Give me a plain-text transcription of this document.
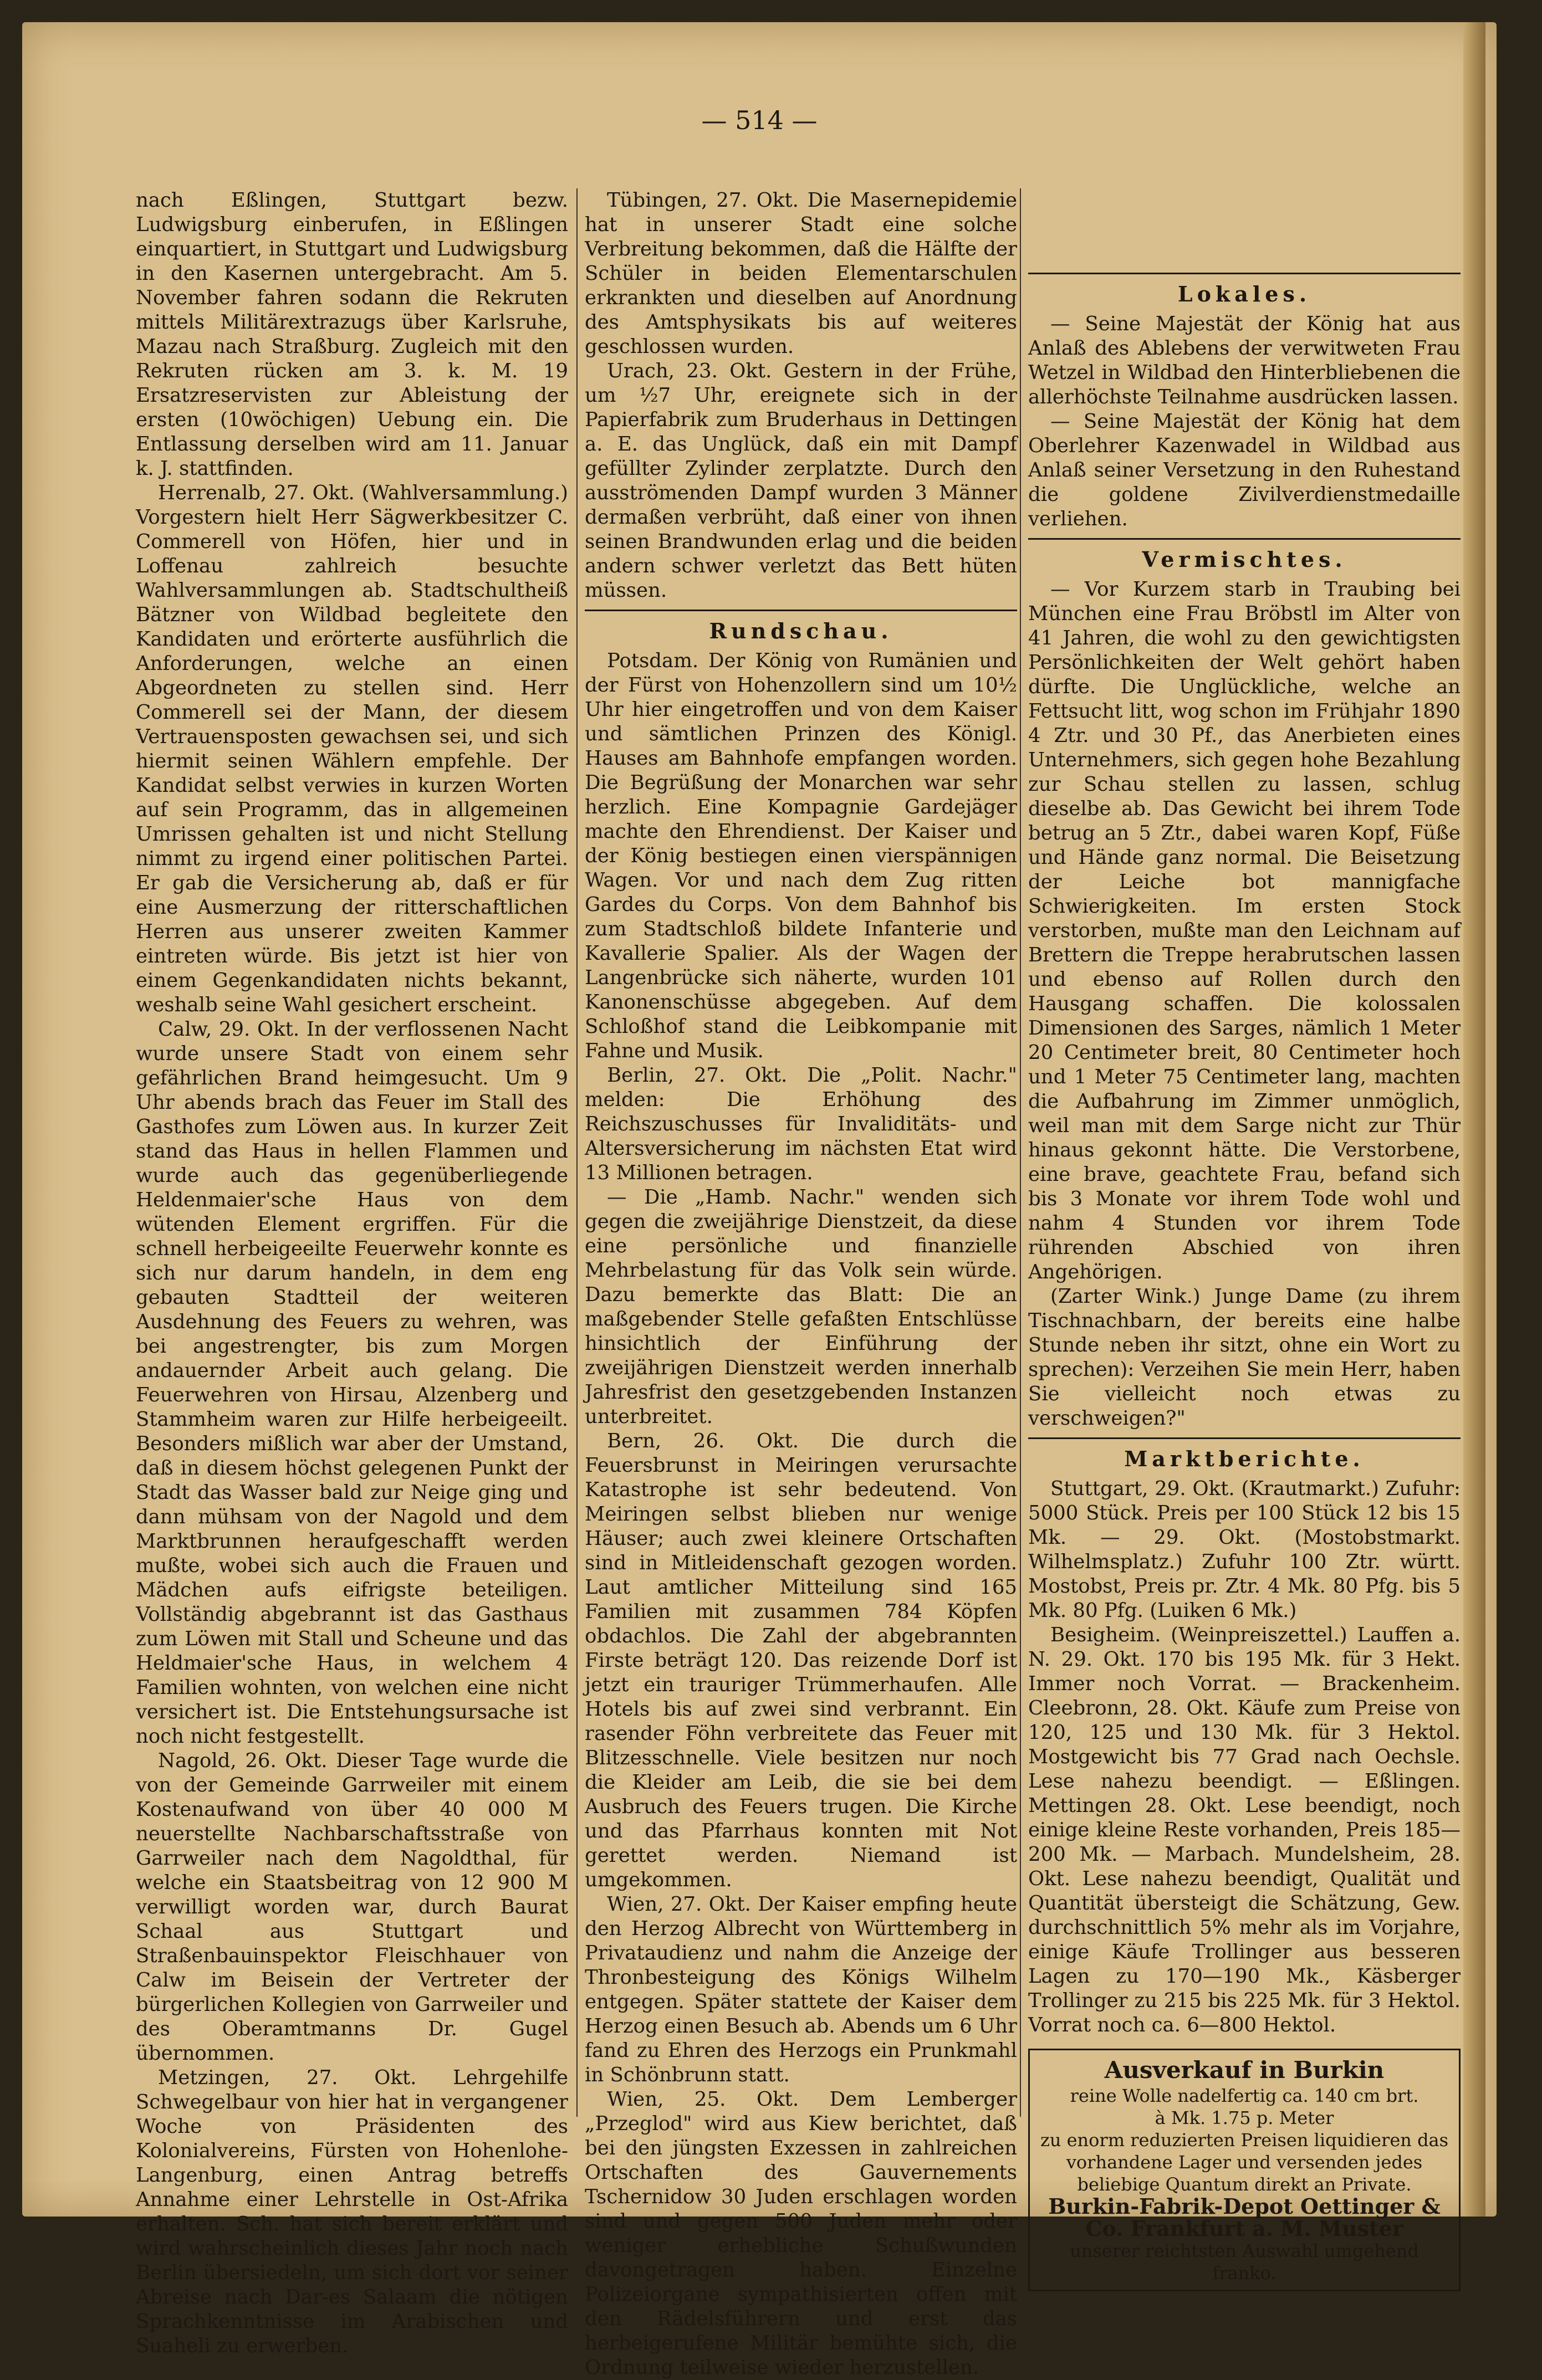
— 514 —

nach Eßlingen, Stuttgart bezw. Ludwigsburg einberufen, in Eßlingen einquartiert, in Stuttgart und Ludwigsburg in den Kasernen untergebracht. Am 5. November fahren sodann die Rekruten mittels Militärextrazugs über Karlsruhe, Mazau nach Straßburg. Zugleich mit den Rekruten rücken am 3. k. M. 19 Ersatzreservisten zur Ableistung der ersten (10wöchigen) Uebung ein. Die Entlassung derselben wird am 11. Januar k. J. stattfinden.

Herrenalb, 27. Okt. (Wahlversammlung.) Vorgestern hielt Herr Sägwerkbesitzer C. Commerell von Höfen, hier und in Loffenau zahlreich besuchte Wahlversammlungen ab. Stadtschultheiß Bätzner von Wildbad begleitete den Kandidaten und erörterte ausführlich die Anforderungen, welche an einen Abgeordneten zu stellen sind. Herr Commerell sei der Mann, der diesem Vertrauensposten gewachsen sei, und sich hiermit seinen Wählern empfehle. Der Kandidat selbst verwies in kurzen Worten auf sein Programm, das in allgemeinen Umrissen gehalten ist und nicht Stellung nimmt zu irgend einer politischen Partei. Er gab die Versicherung ab, daß er für eine Ausmerzung der ritterschaftlichen Herren aus unserer zweiten Kammer eintreten würde. Bis jetzt ist hier von einem Gegenkandidaten nichts bekannt, weshalb seine Wahl gesichert erscheint.

Calw, 29. Okt. In der verflossenen Nacht wurde unsere Stadt von einem sehr gefährlichen Brand heimgesucht. Um 9 Uhr abends brach das Feuer im Stall des Gasthofes zum Löwen aus. In kurzer Zeit stand das Haus in hellen Flammen und wurde auch das gegenüberliegende Heldenmaier'sche Haus von dem wütenden Element ergriffen. Für die schnell herbeigeeilte Feuerwehr konnte es sich nur darum handeln, in dem eng gebauten Stadtteil der weiteren Ausdehnung des Feuers zu wehren, was bei angestrengter, bis zum Morgen andauernder Arbeit auch gelang. Die Feuerwehren von Hirsau, Alzenberg und Stammheim waren zur Hilfe herbeigeeilt. Besonders mißlich war aber der Umstand, daß in diesem höchst gelegenen Punkt der Stadt das Wasser bald zur Neige ging und dann mühsam von der Nagold und dem Marktbrunnen heraufgeschafft werden mußte, wobei sich auch die Frauen und Mädchen aufs eifrigste beteiligen. Vollständig abgebrannt ist das Gasthaus zum Löwen mit Stall und Scheune und das Heldmaier'sche Haus, in welchem 4 Familien wohnten, von welchen eine nicht versichert ist. Die Entstehungsursache ist noch nicht festgestellt.

Nagold, 26. Okt. Dieser Tage wurde die von der Gemeinde Garrweiler mit einem Kostenaufwand von über 40 000 M neuerstellte Nachbarschaftsstraße von Garrweiler nach dem Nagoldthal, für welche ein Staatsbeitrag von 12 900 M verwilligt worden war, durch Baurat Schaal aus Stuttgart und Straßenbauinspektor Fleischhauer von Calw im Beisein der Vertreter der bürgerlichen Kollegien von Garrweiler und des Oberamtmanns Dr. Gugel übernommen.

Metzingen, 27. Okt. Lehrgehilfe Schwegelbaur von hier hat in vergangener Woche von Präsidenten des Kolonialvereins, Fürsten von Hohenlohe-Langenburg, einen Antrag betreffs Annahme einer Lehrstelle in Ost-Afrika erhalten. Sch. hat sich bereit erklärt und wird wahrscheinlich dieses Jahr noch nach Berlin übersiedeln, um sich dort vor seiner Abreise nach Dar-es Salaam die nötigen Sprachkenntnisse im Arabischen und Suaheli zu erwerben.

Tübingen, 27. Okt. Die Masernepidemie hat in unserer Stadt eine solche Verbreitung bekommen, daß die Hälfte der Schüler in beiden Elementarschulen erkrankten und dieselben auf Anordnung des Amtsphysikats bis auf weiteres geschlossen wurden.

Urach, 23. Okt. Gestern in der Frühe, um ½7 Uhr, ereignete sich in der Papierfabrik zum Bruderhaus in Dettingen a. E. das Unglück, daß ein mit Dampf gefüllter Zylinder zerplatzte. Durch den ausströmenden Dampf wurden 3 Männer dermaßen verbrüht, daß einer von ihnen seinen Brandwunden erlag und die beiden andern schwer verletzt das Bett hüten müssen.

Rundschau.

Potsdam. Der König von Rumänien und der Fürst von Hohenzollern sind um 10½ Uhr hier eingetroffen und von dem Kaiser und sämtlichen Prinzen des Königl. Hauses am Bahnhofe empfangen worden. Die Begrüßung der Monarchen war sehr herzlich. Eine Kompagnie Gardejäger machte den Ehrendienst. Der Kaiser und der König bestiegen einen vierspännigen Wagen. Vor und nach dem Zug ritten Gardes du Corps. Von dem Bahnhof bis zum Stadtschloß bildete Infanterie und Kavallerie Spalier. Als der Wagen der Langenbrücke sich näherte, wurden 101 Kanonenschüsse abgegeben. Auf dem Schloßhof stand die Leibkompanie mit Fahne und Musik.

Berlin, 27. Okt. Die „Polit. Nachr." melden: Die Erhöhung des Reichszuschusses für Invaliditäts- und Altersversicherung im nächsten Etat wird 13 Millionen betragen.

— Die „Hamb. Nachr." wenden sich gegen die zweijährige Dienstzeit, da diese eine persönliche und finanzielle Mehrbelastung für das Volk sein würde. Dazu bemerkte das Blatt: Die an maßgebender Stelle gefaßten Entschlüsse hinsichtlich der Einführung der zweijährigen Dienstzeit werden innerhalb Jahresfrist den gesetzgebenden Instanzen unterbreitet.

Bern, 26. Okt. Die durch die Feuersbrunst in Meiringen verursachte Katastrophe ist sehr bedeutend. Von Meiringen selbst blieben nur wenige Häuser; auch zwei kleinere Ortschaften sind in Mitleidenschaft gezogen worden. Laut amtlicher Mitteilung sind 165 Familien mit zusammen 784 Köpfen obdachlos. Die Zahl der abgebrannten Firste beträgt 120. Das reizende Dorf ist jetzt ein trauriger Trümmerhaufen. Alle Hotels bis auf zwei sind verbrannt. Ein rasender Föhn verbreitete das Feuer mit Blitzesschnelle. Viele besitzen nur noch die Kleider am Leib, die sie bei dem Ausbruch des Feuers trugen. Die Kirche und das Pfarrhaus konnten mit Not gerettet werden. Niemand ist umgekommen.

Wien, 27. Okt. Der Kaiser empfing heute den Herzog Albrecht von Württemberg in Privataudienz und nahm die Anzeige der Thronbesteigung des Königs Wilhelm entgegen. Später stattete der Kaiser dem Herzog einen Besuch ab. Abends um 6 Uhr fand zu Ehren des Herzogs ein Prunkmahl in Schönbrunn statt.

Wien, 25. Okt. Dem Lemberger „Przeglod" wird aus Kiew berichtet, daß bei den jüngsten Exzessen in zahlreichen Ortschaften des Gauvernements Tschernidow 30 Juden erschlagen worden sind und gegen 500 Juden mehr oder weniger erhebliche Schußwunden davongetragen haben. Einzelne Polizeiorgane sympathisierten offen mit den Rädelsführern und erst das herbeigerufene Militär bemühte sich, die Ordnung teilweise wieder herzustellen.

Lokales.

— Seine Majestät der König hat aus Anlaß des Ablebens der verwitweten Frau Wetzel in Wildbad den Hinterbliebenen die allerhöchste Teilnahme ausdrücken lassen.

— Seine Majestät der König hat dem Oberlehrer Kazenwadel in Wildbad aus Anlaß seiner Versetzung in den Ruhestand die goldene Zivilverdienstmedaille verliehen.

Vermischtes.

— Vor Kurzem starb in Traubing bei München eine Frau Bröbstl im Alter von 41 Jahren, die wohl zu den gewichtigsten Persönlichkeiten der Welt gehört haben dürfte. Die Unglückliche, welche an Fettsucht litt, wog schon im Frühjahr 1890 4 Ztr. und 30 Pf., das Anerbieten eines Unternehmers, sich gegen hohe Bezahlung zur Schau stellen zu lassen, schlug dieselbe ab. Das Gewicht bei ihrem Tode betrug an 5 Ztr., dabei waren Kopf, Füße und Hände ganz normal. Die Beisetzung der Leiche bot mannigfache Schwierigkeiten. Im ersten Stock verstorben, mußte man den Leichnam auf Brettern die Treppe herabrutschen lassen und ebenso auf Rollen durch den Hausgang schaffen. Die kolossalen Dimensionen des Sarges, nämlich 1 Meter 20 Centimeter breit, 80 Centimeter hoch und 1 Meter 75 Centimeter lang, machten die Aufbahrung im Zimmer unmöglich, weil man mit dem Sarge nicht zur Thür hinaus gekonnt hätte. Die Verstorbene, eine brave, geachtete Frau, befand sich bis 3 Monate vor ihrem Tode wohl und nahm 4 Stunden vor ihrem Tode rührenden Abschied von ihren Angehörigen.

(Zarter Wink.) Junge Dame (zu ihrem Tischnachbarn, der bereits eine halbe Stunde neben ihr sitzt, ohne ein Wort zu sprechen): Verzeihen Sie mein Herr, haben Sie vielleicht noch etwas zu verschweigen?"

Marktberichte.

Stuttgart, 29. Okt. (Krautmarkt.) Zufuhr: 5000 Stück. Preis per 100 Stück 12 bis 15 Mk. — 29. Okt. (Mostobstmarkt. Wilhelmsplatz.) Zufuhr 100 Ztr. württ. Mostobst, Preis pr. Ztr. 4 Mk. 80 Pfg. bis 5 Mk. 80 Pfg. (Luiken 6 Mk.)

Besigheim. (Weinpreiszettel.) Lauffen a. N. 29. Okt. 170 bis 195 Mk. für 3 Hekt. Immer noch Vorrat. — Brackenheim. Cleebronn, 28. Okt. Käufe zum Preise von 120, 125 und 130 Mk. für 3 Hektol. Mostgewicht bis 77 Grad nach Oechsle. Lese nahezu beendigt. — Eßlingen. Mettingen 28. Okt. Lese beendigt, noch einige kleine Reste vorhanden, Preis 185—200 Mk. — Marbach. Mundelsheim, 28. Okt. Lese nahezu beendigt, Qualität und Quantität übersteigt die Schätzung, Gew. durchschnittlich 5% mehr als im Vorjahre, einige Käufe Trollinger aus besseren Lagen zu 170—190 Mk., Käsberger Trollinger zu 215 bis 225 Mk. für 3 Hektol. Vorrat noch ca. 6—800 Hektol.

Ausverkauf in Burkin
reine Wolle nadelfertig ca. 140 cm brt.
à Mk. 1.75 p. Meter
zu enorm reduzierten Preisen liquidieren das vorhandene Lager und versenden jedes beliebige Quantum direkt an Private.
Burkin-Fabrik-Depot Oettinger &
Co. Frankfurt a. M. Muster
unserer reichtsten Auswahl umgehend franko.
